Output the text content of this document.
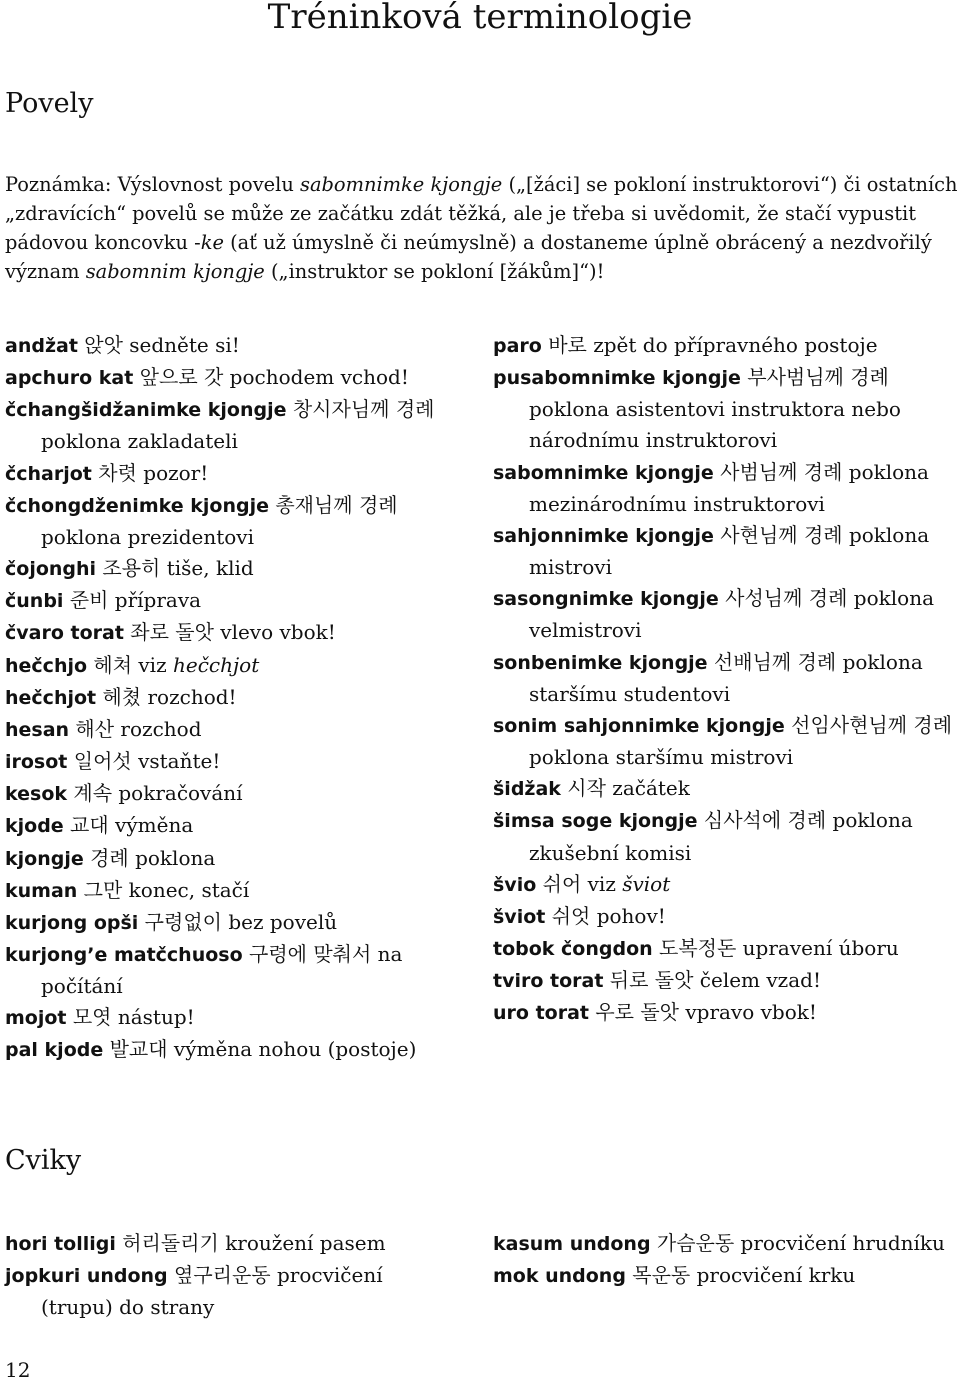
Tréninková terminologie
Povely
Poznámka: Výslovnost povelu sabomnimke kjongje („[žáci] se pokloní instruktorovi“) či ostatních „zdravících“ povelů se může ze začátku zdát těžká, ale je třeba si uvědomit, že stačí vypustit pádovou koncovku -ke (ať už úmyslně či neúmyslně) a dostaneme úplně obrácený a nezdvořilý význam sabomnim kjongje („instruktor se pokloní [žákům]“)!
andžat 앉앗 sedněte si!
apchuro kat 앞으로 갓 pochodem vchod!
čchangšidžanimke kjongje 창시자님께 경례 poklona zakladateli
čcharjot 차렷 pozor!
čchongdženimke kjongje 총재님께 경례 poklona prezidentovi
čojonghi 조용히 tiše, klid
čunbi 준비 příprava
čvaro torat 좌로 돌앗 vlevo vbok!
hečchjo 헤쳐 viz hečchjot
hečchjot 헤쳤 rozchod!
hesan 해산 rozchod
irosot 일어섯 vstaňte!
kesok 계속 pokračování
kjode 교대 výměna
kjongje 경례 poklona
kuman 그만 konec, stačí
kurjong opši 구령없이 bez povelů
kurjong’e matčchuoso 구령에 맞춰서 na počítání
mojot 모엿 nástup!
pal kjode 발교대 výměna nohou (postoje)
paro 바로 zpět do přípravného postoje
pusabomnimke kjongje 부사범님께 경례 poklona asistentovi instruktora nebo národnímu instruktorovi
sabomnimke kjongje 사범님께 경례 poklona mezinárodnímu instruktorovi
sahjonnimke kjongje 사현님께 경례 poklona mistrovi
sasongnimke kjongje 사성님께 경례 poklona velmistrovi
sonbenimke kjongje 선배님께 경례 poklona staršímu studentovi
sonim sahjonnimke kjongje 선임사현님께 경례 poklona staršímu mistrovi
šidžak 시작 začátek
šimsa soge kjongje 심사석에 경례 poklona zkušební komisi
švio 쉬어 viz šviot
šviot 쉬엇 pohov!
tobok čongdon 도복정돈 upravení úboru
tviro torat 뒤로 돌앗 čelem vzad!
uro torat 우로 돌앗 vpravo vbok!
Cviky
hori tolligi 허리돌리기 kroužení pasem
jopkuri undong 옆구리운동 procvičení (trupu) do strany
kasum undong 가슴운동 procvičení hrudníku
mok undong 목운동 procvičení krku
12
